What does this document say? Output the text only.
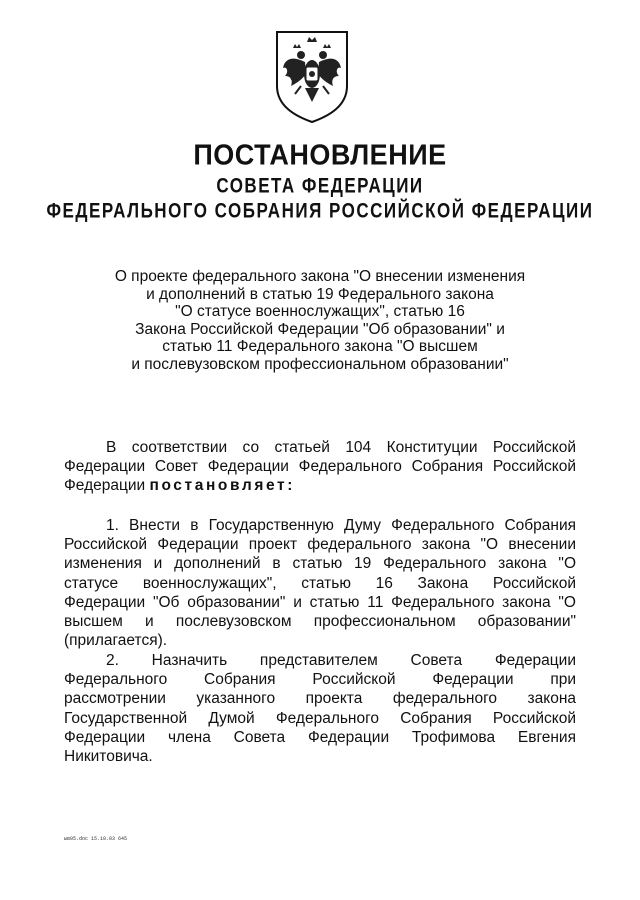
ПОСТАНОВЛЕНИЕ
СОВЕТА ФЕДЕРАЦИИ
ФЕДЕРАЛЬНОГО СОБРАНИЯ РОССИЙСКОЙ ФЕДЕРАЦИИ
О проекте федерального закона "О внесении изменения
и дополнений в статью 19 Федерального закона
"О статусе военнослужащих", статью 16
Закона Российской Федерации "Об образовании" и
статью 11 Федерального закона "О высшем
и послевузовском профессиональном образовании"
В соответствии со статьей 104 Конституции Российской
Федерации Совет Федерации Федерального Собрания Российской
Федерации постановляет:
1. Внести в Государственную Думу Федерального Собрания
Российской Федерации проект федерального закона "О внесении
изменения и дополнений в статью 19 Федерального закона "О
статусе военнослужащих", статью 16 Закона Российской
Федерации "Об образовании" и статью 11 Федерального закона "О
высшем и послевузовском профессиональном образовании"
(прилагается).
2. Назначить представителем Совета Федерации
Федерального Собрания Российской Федерации при
рассмотрении указанного проекта федерального закона
Государственной Думой Федерального Собрания Российской
Федерации члена Совета Федерации Трофимова Евгения
Никитовича.
ыв05.doc 15.10.03 645
